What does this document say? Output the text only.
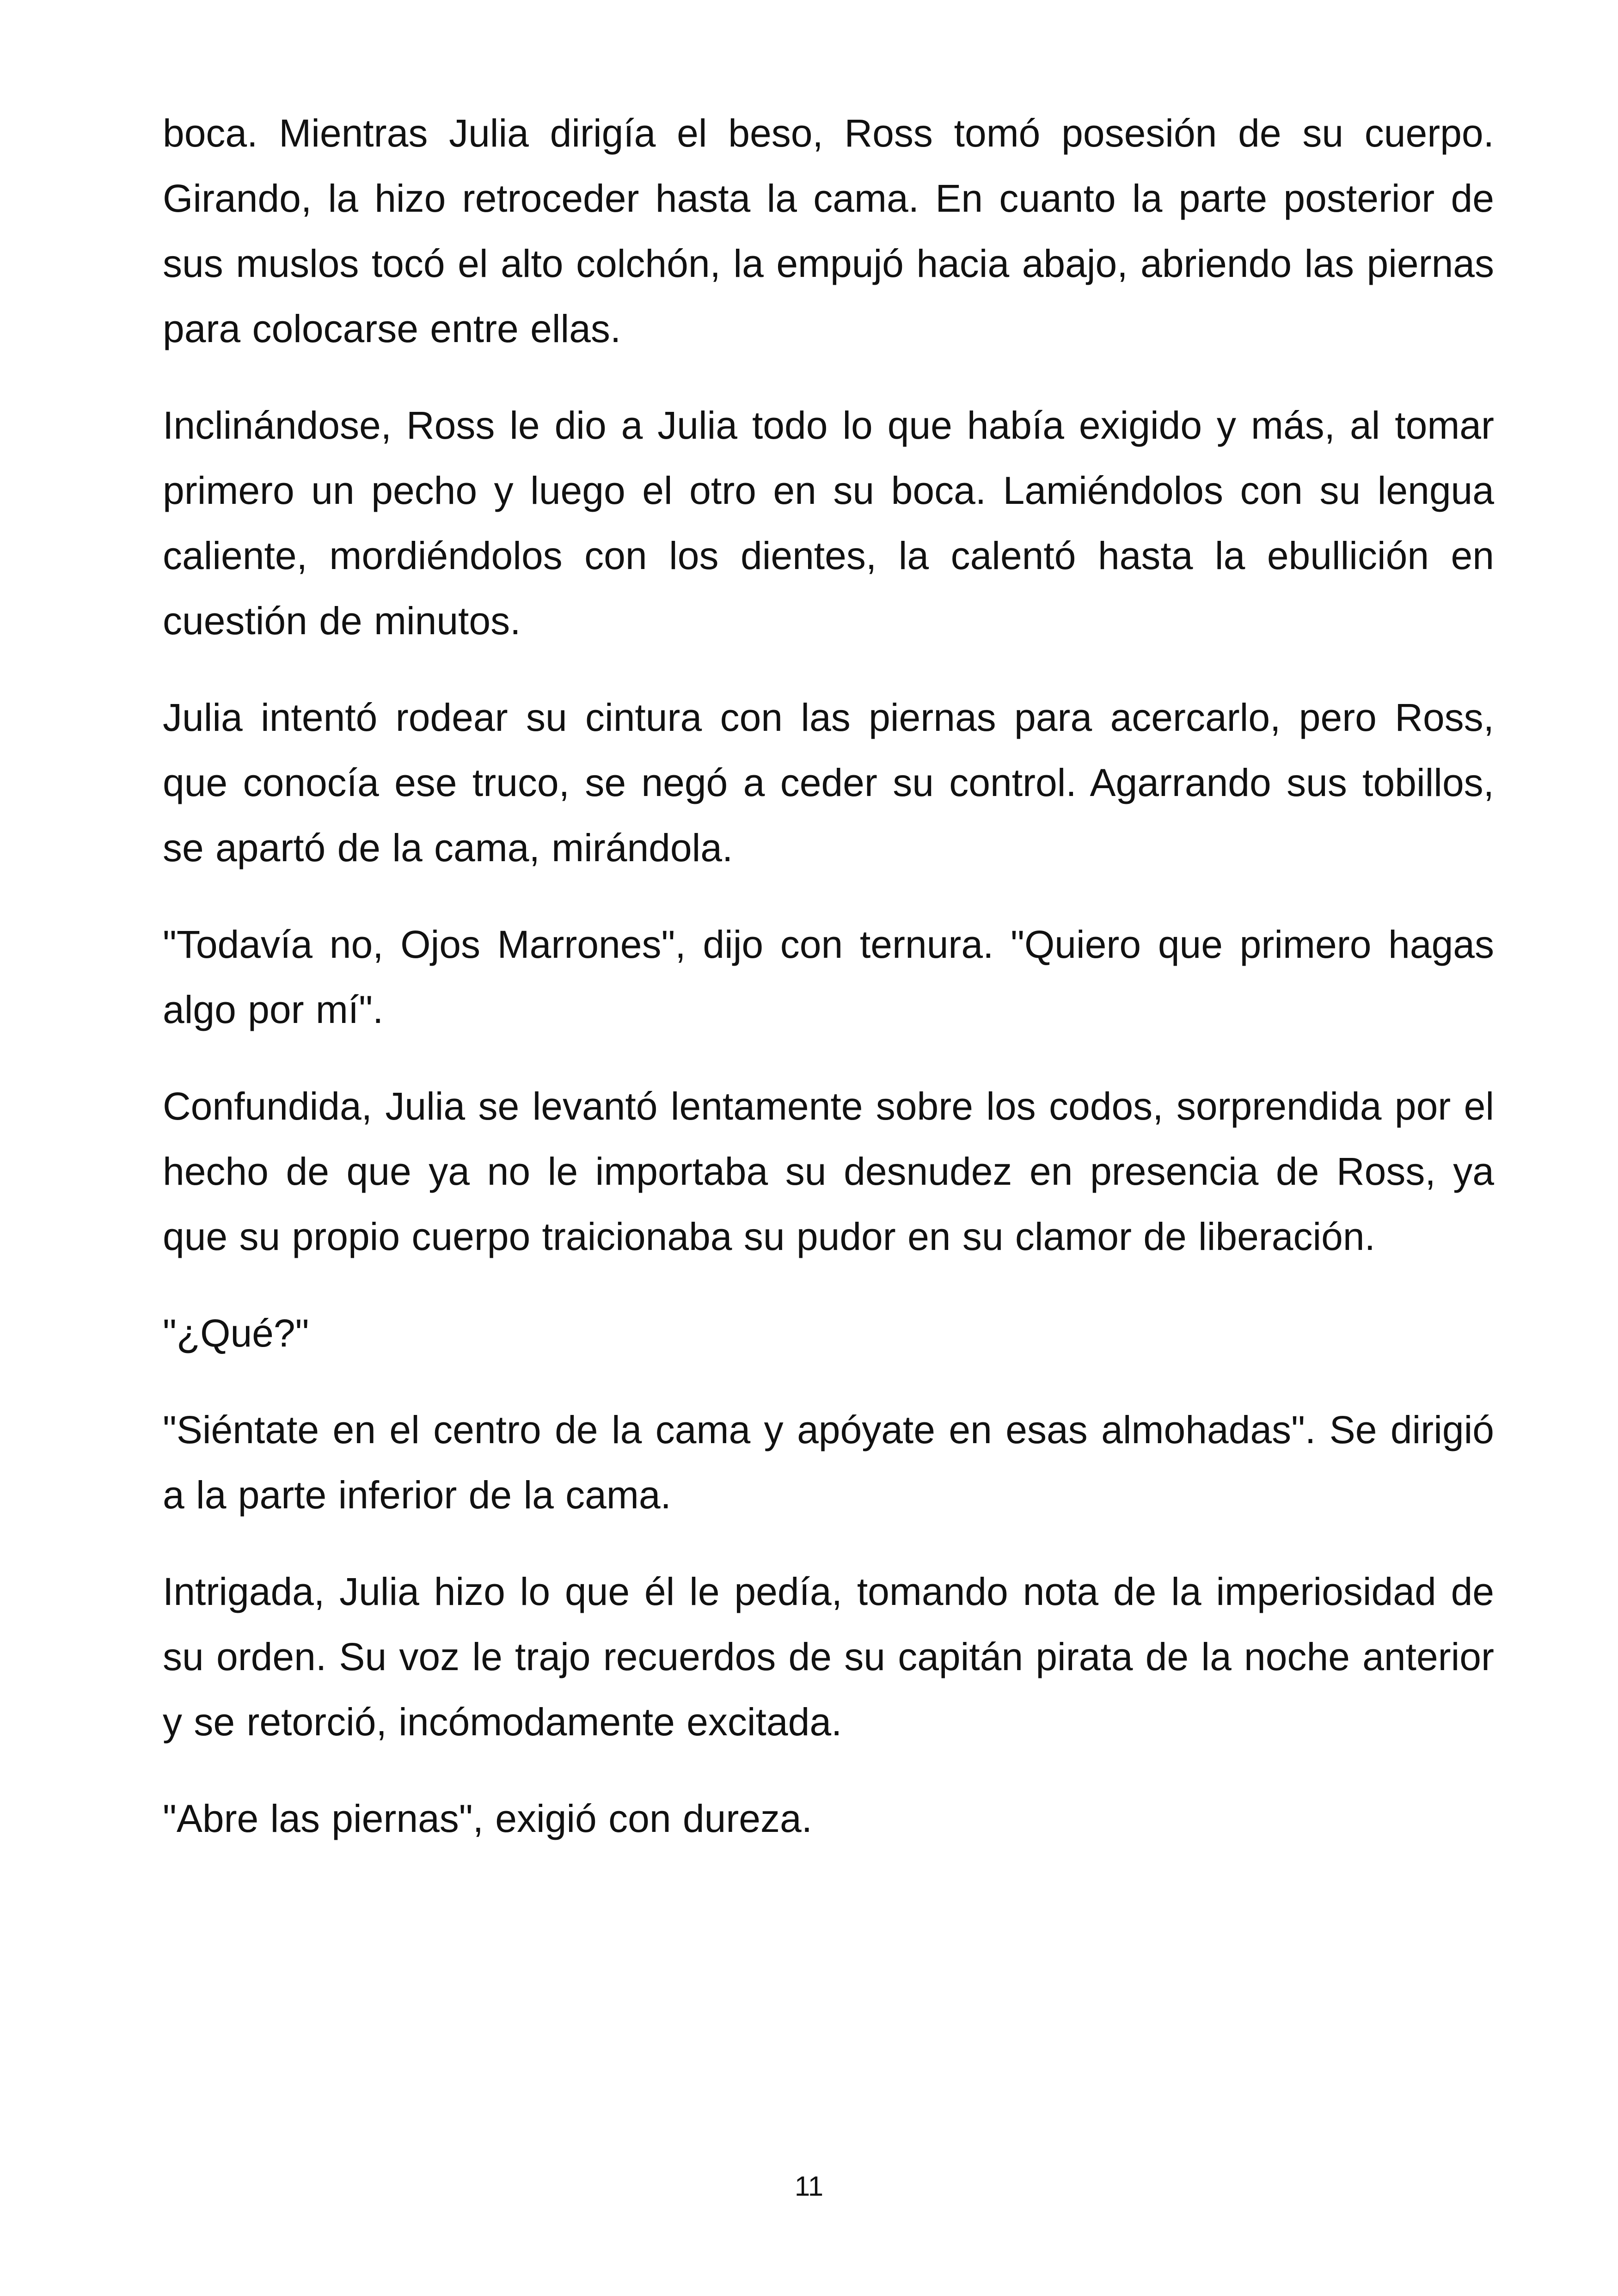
boca. Mientras Julia dirigía el beso, Ross tomó posesión de su cuerpo. Girando, la hizo retroceder hasta la cama. En cuanto la parte posterior de sus muslos tocó el alto colchón, la empujó hacia abajo, abriendo las piernas para colocarse entre ellas.

Inclinándose, Ross le dio a Julia todo lo que había exigido y más, al tomar primero un pecho y luego el otro en su boca. Lamiéndolos con su lengua caliente, mordiéndolos con los dientes, la calentó hasta la ebullición en cuestión de minutos.

Julia intentó rodear su cintura con las piernas para acercarlo, pero Ross, que conocía ese truco, se negó a ceder su control. Agarrando sus tobillos, se apartó de la cama, mirándola.

"Todavía no, Ojos Marrones", dijo con ternura. "Quiero que primero hagas algo por mí".

Confundida, Julia se levantó lentamente sobre los codos, sorprendida por el hecho de que ya no le importaba su desnudez en presencia de Ross, ya que su propio cuerpo traicionaba su pudor en su clamor de liberación.

"¿Qué?"

"Siéntate en el centro de la cama y apóyate en esas almohadas". Se dirigió a la parte inferior de la cama.

Intrigada, Julia hizo lo que él le pedía, tomando nota de la imperiosidad de su orden. Su voz le trajo recuerdos de su capitán pirata de la noche anterior y se retorció, incómodamente excitada.

"Abre las piernas", exigió con dureza.

11
